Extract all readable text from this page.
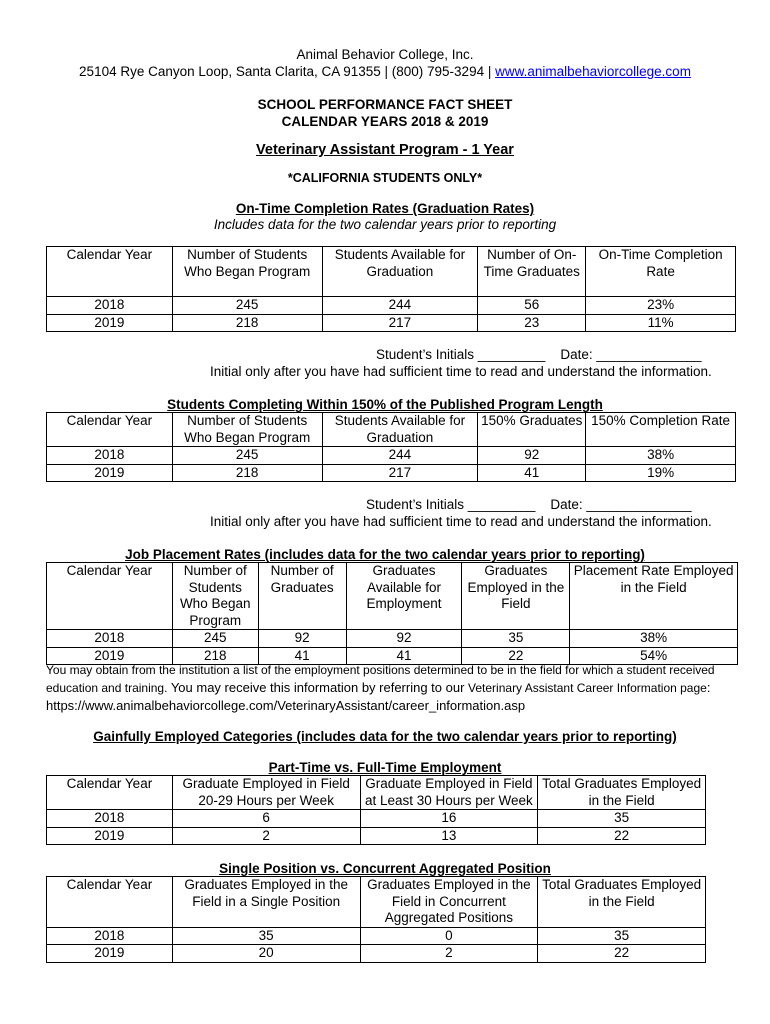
Animal Behavior College, Inc.
25104 Rye Canyon Loop, Santa Clarita, CA 91355 | (800) 795-3294 | www.animalbehaviorcollege.com
SCHOOL PERFORMANCE FACT SHEET
CALENDAR YEARS 2018 & 2019
Veterinary Assistant Program - 1 Year
*CALIFORNIA STUDENTS ONLY*
On-Time Completion Rates (Graduation Rates)
Includes data for the two calendar years prior to reporting
Calendar Year	Number of Students Who Began Program	Students Available for Graduation	Number of On-Time Graduates	On-Time Completion Rate
2018	245	244	56	23%
2019	218	217	23	11%
Student’s Initials _________    Date: ______________
Initial only after you have had sufficient time to read and understand the information.
Students Completing Within 150% of the Published Program Length
Calendar Year	Number of Students Who Began Program	Students Available for Graduation	150% Graduates	150% Completion Rate
2018	245	244	92	38%
2019	218	217	41	19%
Student’s Initials _________    Date: ______________
Initial only after you have had sufficient time to read and understand the information.
Job Placement Rates (includes data for the two calendar years prior to reporting)
Calendar Year	Number of Students Who Began Program	Number of Graduates	Graduates Available for Employment	Graduates Employed in the Field	Placement Rate Employed in the Field
2018	245	92	92	35	38%
2019	218	41	41	22	54%
You may obtain from the institution a list of the employment positions determined to be in the field for which a student received education and training. You may receive this information by referring to our Veterinary Assistant Career Information page: https://www.animalbehaviorcollege.com/VeterinaryAssistant/career_information.asp
Gainfully Employed Categories (includes data for the two calendar years prior to reporting)
Part-Time vs. Full-Time Employment
Calendar Year	Graduate Employed in Field 20-29 Hours per Week	Graduate Employed in Field at Least 30 Hours per Week	Total Graduates Employed in the Field
2018	6	16	35
2019	2	13	22
Single Position vs. Concurrent Aggregated Position
Calendar Year	Graduates Employed in the Field in a Single Position	Graduates Employed in the Field in Concurrent Aggregated Positions	Total Graduates Employed in the Field
2018	35	0	35
2019	20	2	22
